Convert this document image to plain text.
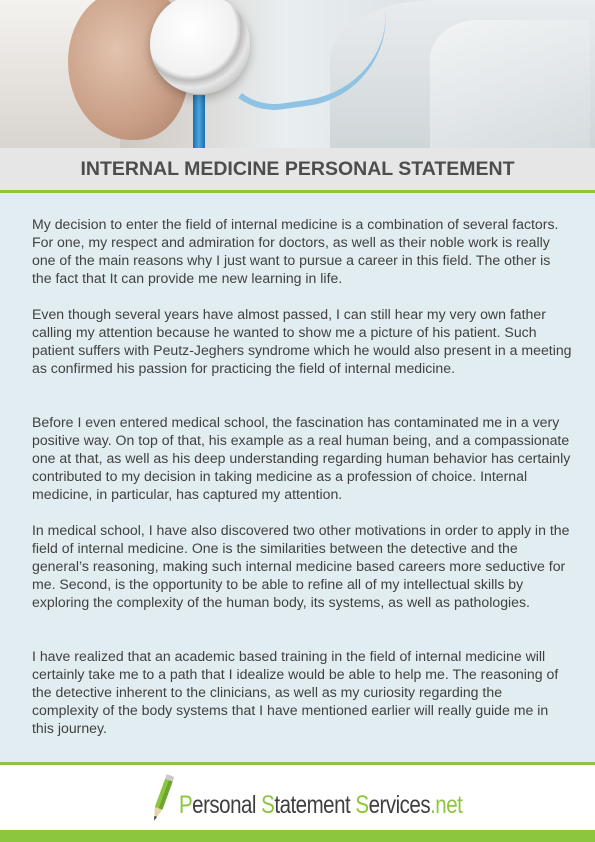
INTERNAL MEDICINE PERSONAL STATEMENT

My decision to enter the field of internal medicine is a combination of several factors. For one, my respect and admiration for doctors, as well as their noble work is really one of the main reasons why I just want to pursue a career in this field. The other is the fact that It can provide me new learning in life.

Even though several years have almost passed, I can still hear my very own father calling my attention because he wanted to show me a picture of his patient. Such patient suffers with Peutz-Jeghers syndrome which he would also present in a meeting as confirmed his passion for practicing the field of internal medicine.

Before I even entered medical school, the fascination has contaminated me in a very positive way. On top of that, his example as a real human being, and a compassionate one at that, as well as his deep understanding regarding human behavior has certainly contributed to my decision in taking medicine as a profession of choice. Internal medicine, in particular, has captured my attention.

In medical school, I have also discovered two other motivations in order to apply in the field of internal medicine. One is the similarities between the detective and the general’s reasoning, making such internal medicine based careers more seductive for me. Second, is the opportunity to be able to refine all of my intellectual skills by exploring the complexity of the human body, its systems, as well as pathologies.

I have realized that an academic based training in the field of internal medicine will certainly take me to a path that I idealize would be able to help me. The reasoning of the detective inherent to the clinicians, as well as my curiosity regarding the complexity of the body systems that I have mentioned earlier will really guide me in this journey.

Personal Statement Services.net
